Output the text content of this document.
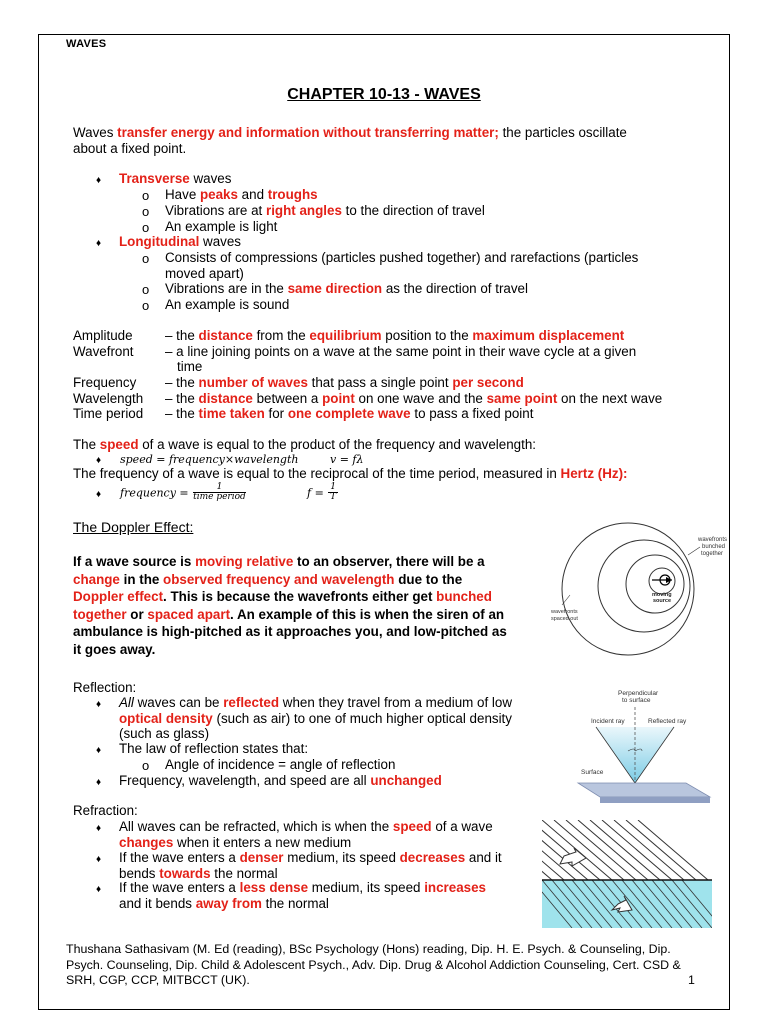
WAVES
CHAPTER 10-13 - WAVES
Waves transfer energy and information without transferring matter; the particles oscillate
about a fixed point.
♦ Transverse waves
o Have peaks and troughs
o Vibrations are at right angles to the direction of travel
o An example is light
♦ Longitudinal waves
o Consists of compressions (particles pushed together) and rarefactions (particles
moved apart)
o Vibrations are in the same direction as the direction of travel
o An example is sound
Amplitude – the distance from the equilibrium position to the maximum displacement
Wavefront – a line joining points on a wave at the same point in their wave cycle at a given
time
Frequency – the number of waves that pass a single point per second
Wavelength – the distance between a point on one wave and the same point on the next wave
Time period – the time taken for one complete wave to pass a fixed point
The speed of a wave is equal to the product of the frequency and wavelength:
♦ speed = frequency×wavelength	v = fλ
The frequency of a wave is equal to the reciprocal of the time period, measured in Hertz (Hz):
♦ frequency = $\frac{1}{\text{time period}}$	$f = \frac{1}{T}$
The Doppler Effect:
If a wave source is moving relative to an observer, there will be a
change in the observed frequency and wavelength due to the
Doppler effect. This is because the wavefronts either get bunched
together or spaced apart. An example of this is when the siren of an
ambulance is high-pitched as it approaches you, and low-pitched as
it goes away.
wavefronts bunched together
moving source
wavefronts spaced out
Reflection:
♦ All waves can be reflected when they travel from a medium of low
optical density (such as air) to one of much higher optical density
(such as glass)
♦ The law of reflection states that:
o Angle of incidence = angle of reflection
♦ Frequency, wavelength, and speed are all unchanged
Perpendicular to surface
Incident ray	Reflected ray
Surface
Refraction:
♦ All waves can be refracted, which is when the speed of a wave
changes when it enters a new medium
♦ If the wave enters a denser medium, its speed decreases and it
bends towards the normal
♦ If the wave enters a less dense medium, its speed increases
and it bends away from the normal
Thushana Sathasivam (M. Ed (reading), BSc Psychology (Hons) reading, Dip. H. E. Psych. & Counseling, Dip. Psych. Counseling, Dip. Child & Adolescent Psych., Adv. Dip. Drug & Alcohol Addiction Counseling, Cert. CSD & SRH, CGP, CCP, MITBCCT (UK).	1
